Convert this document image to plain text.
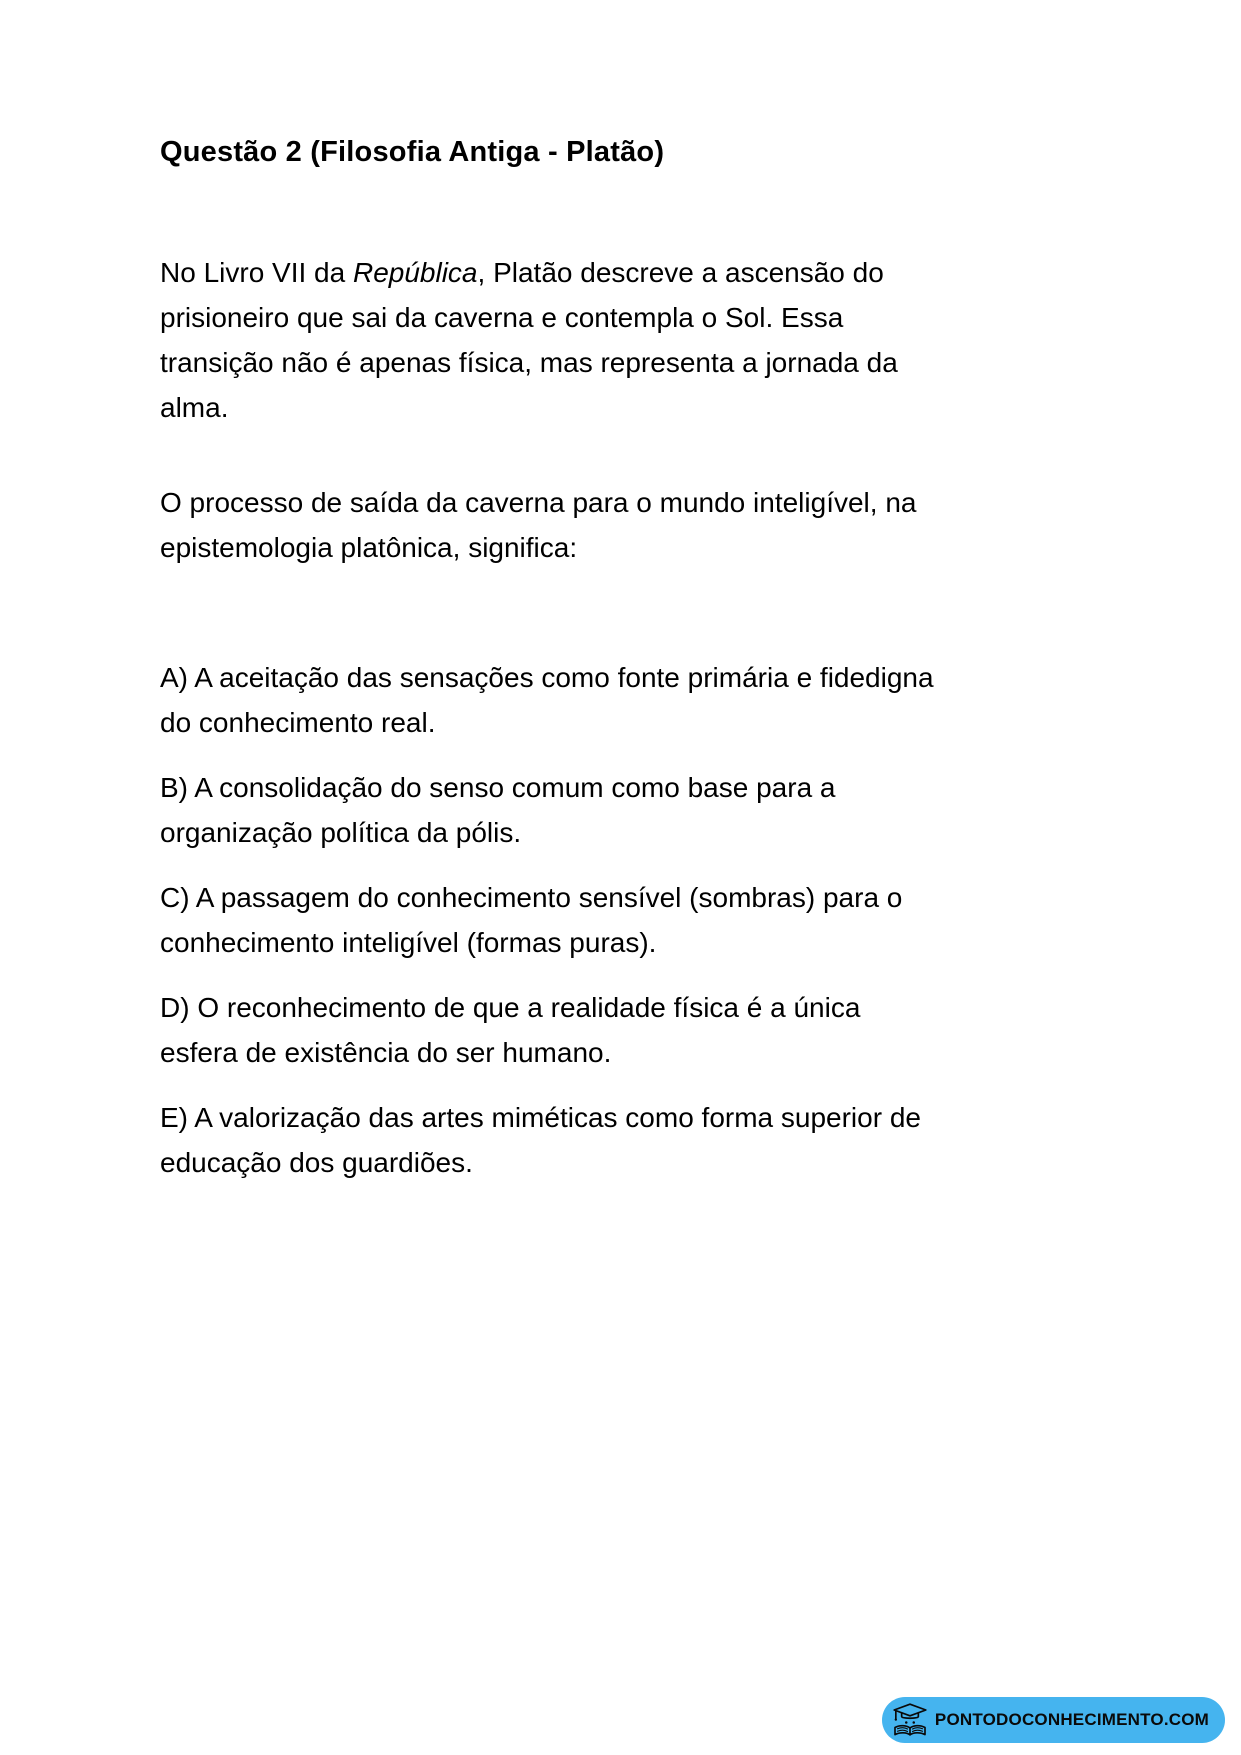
Questão 2 (Filosofia Antiga - Platão)

No Livro VII da República, Platão descreve a ascensão do prisioneiro que sai da caverna e contempla o Sol. Essa transição não é apenas física, mas representa a jornada da alma.

O processo de saída da caverna para o mundo inteligível, na epistemologia platônica, significa:

A) A aceitação das sensações como fonte primária e fidedigna do conhecimento real.

B) A consolidação do senso comum como base para a organização política da pólis.

C) A passagem do conhecimento sensível (sombras) para o conhecimento inteligível (formas puras).

D) O reconhecimento de que a realidade física é a única esfera de existência do ser humano.

E) A valorização das artes miméticas como forma superior de educação dos guardiões.

PONTODOCONHECIMENTO.COM
